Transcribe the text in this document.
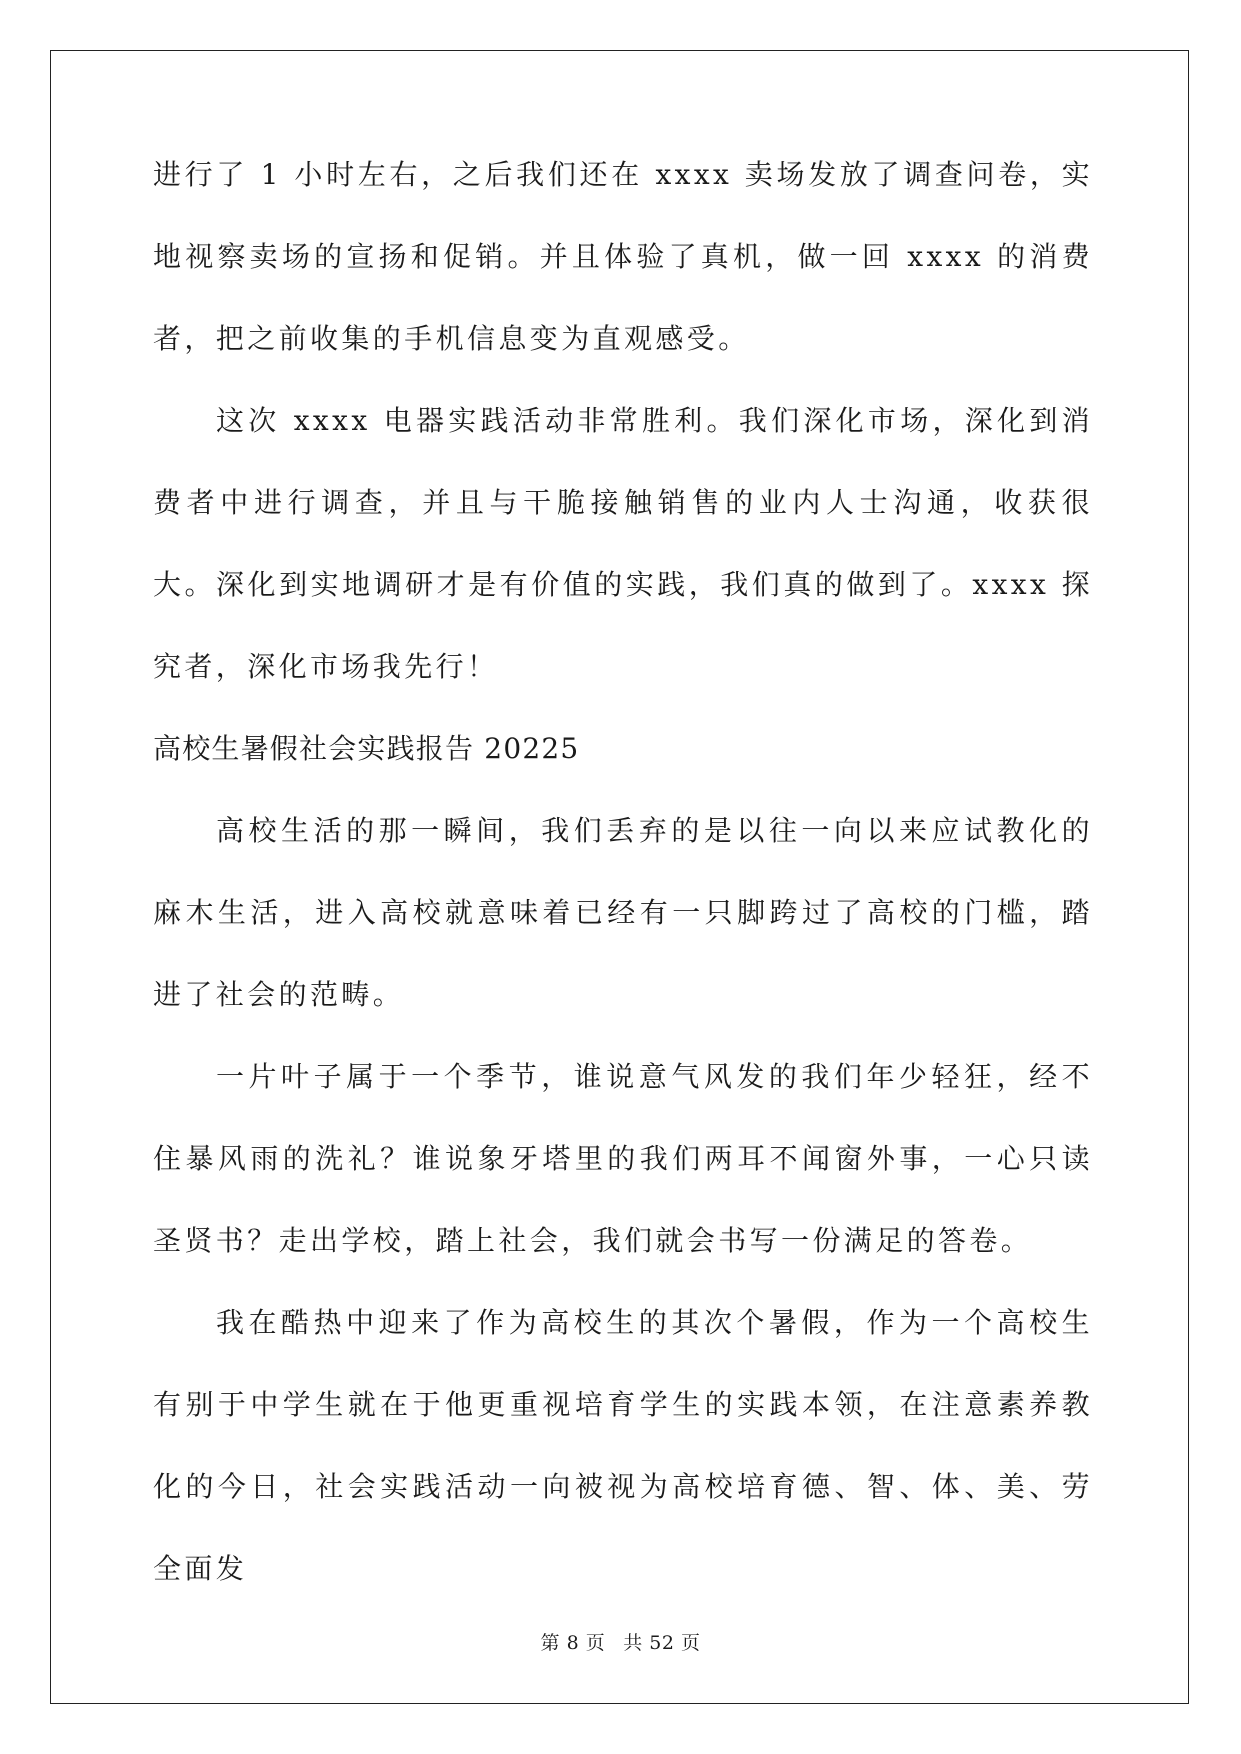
进行了 1 小时左右，之后我们还在 xxxx 卖场发放了调查问卷，实地视察卖场的宣扬和促销。并且体验了真机，做一回 xxxx 的消费者，把之前收集的手机信息变为直观感受。

这次 xxxx 电器实践活动非常胜利。我们深化市场，深化到消费者中进行调查，并且与干脆接触销售的业内人士沟通，收获很大。深化到实地调研才是有价值的实践，我们真的做到了。xxxx 探究者，深化市场我先行！

高校生暑假社会实践报告 20225

高校生活的那一瞬间，我们丢弃的是以往一向以来应试教化的麻木生活，进入高校就意味着已经有一只脚跨过了高校的门槛，踏进了社会的范畴。

一片叶子属于一个季节，谁说意气风发的我们年少轻狂，经不住暴风雨的洗礼？谁说象牙塔里的我们两耳不闻窗外事，一心只读圣贤书？走出学校，踏上社会，我们就会书写一份满足的答卷。

我在酷热中迎来了作为高校生的其次个暑假，作为一个高校生有别于中学生就在于他更重视培育学生的实践本领，在注意素养教化的今日，社会实践活动一向被视为高校培育德、智、体、美、劳全面发

第 8 页 共 52 页
